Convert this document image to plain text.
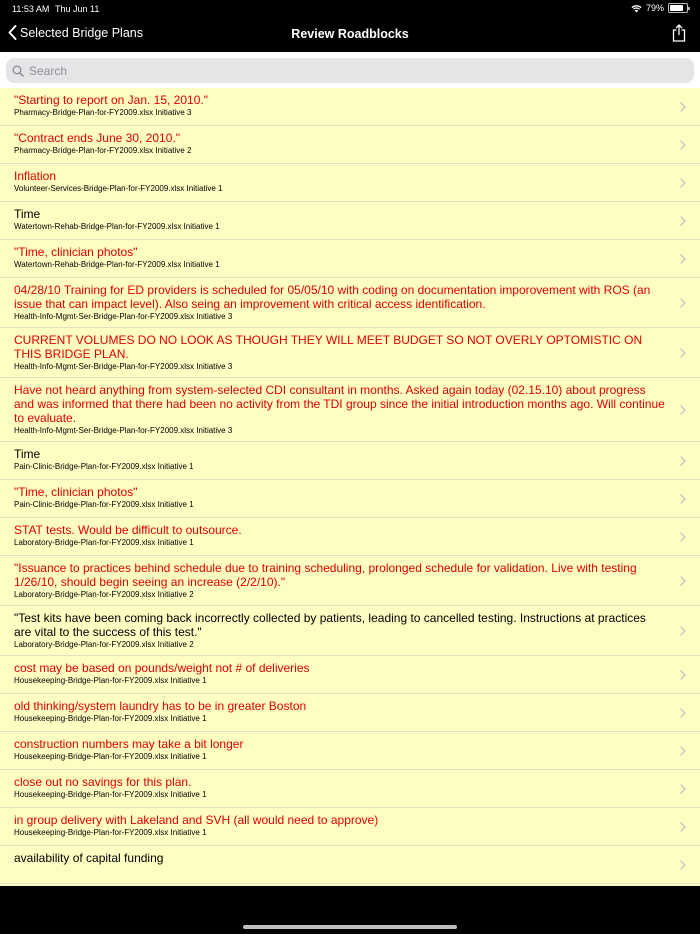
11:53 AM Thu Jun 11	79%
Selected Bridge Plans	Review Roadblocks
Search
"Starting to report on Jan. 15, 2010."
Pharmacy-Bridge-Plan-for-FY2009.xlsx Initiative 3
"Contract ends June 30, 2010."
Pharmacy-Bridge-Plan-for-FY2009.xlsx Initiative 2
Inflation
Volunteer-Services-Bridge-Plan-for-FY2009.xlsx Initiative 1
Time
Watertown-Rehab-Bridge-Plan-for-FY2009.xlsx Initiative 1
"Time, clinician photos"
Watertown-Rehab-Bridge-Plan-for-FY2009.xlsx Initiative 1
04/28/10 Training for ED providers is scheduled for 05/05/10 with coding on documentation imporovement with ROS (an issue that can impact level). Also seing an improvement with critical access identification.
Health-Info-Mgmt-Ser-Bridge-Plan-for-FY2009.xlsx Initiative 3
CURRENT VOLUMES DO NO LOOK AS THOUGH THEY WILL MEET BUDGET SO NOT OVERLY OPTOMISTIC ON THIS BRIDGE PLAN.
Health-Info-Mgmt-Ser-Bridge-Plan-for-FY2009.xlsx Initiative 3
Have not heard anything from system-selected CDI consultant in months. Asked again today (02.15.10) about progress and was informed that there had been no activity from the TDI group since the initial introduction months ago. Will continue to evaluate.
Health-Info-Mgmt-Ser-Bridge-Plan-for-FY2009.xlsx Initiative 3
Time
Pain-Clinic-Bridge-Plan-for-FY2009.xlsx Initiative 1
"Time, clinician photos"
Pain-Clinic-Bridge-Plan-for-FY2009.xlsx Initiative 1
STAT tests. Would be difficult to outsource.
Laboratory-Bridge-Plan-for-FY2009.xlsx Initiative 1
"Issuance to practices behind schedule due to training scheduling, prolonged schedule for validation. Live with testing 1/26/10, should begin seeing an increase (2/2/10)."
Laboratory-Bridge-Plan-for-FY2009.xlsx Initiative 2
"Test kits have been coming back incorrectly collected by patients, leading to cancelled testing. Instructions at practices are vital to the success of this test."
Laboratory-Bridge-Plan-for-FY2009.xlsx Initiative 2
cost may be based on pounds/weight not # of deliveries
Housekeeping-Bridge-Plan-for-FY2009.xlsx Initiative 1
old thinking/system laundry has to be in greater Boston
Housekeeping-Bridge-Plan-for-FY2009.xlsx Initiative 1
construction numbers may take a bit longer
Housekeeping-Bridge-Plan-for-FY2009.xlsx Initiative 1
close out no savings for this plan.
Housekeeping-Bridge-Plan-for-FY2009.xlsx Initiative 1
in group delivery with Lakeland and SVH (all would need to approve)
Housekeeping-Bridge-Plan-for-FY2009.xlsx Initiative 1
availability of capital funding
